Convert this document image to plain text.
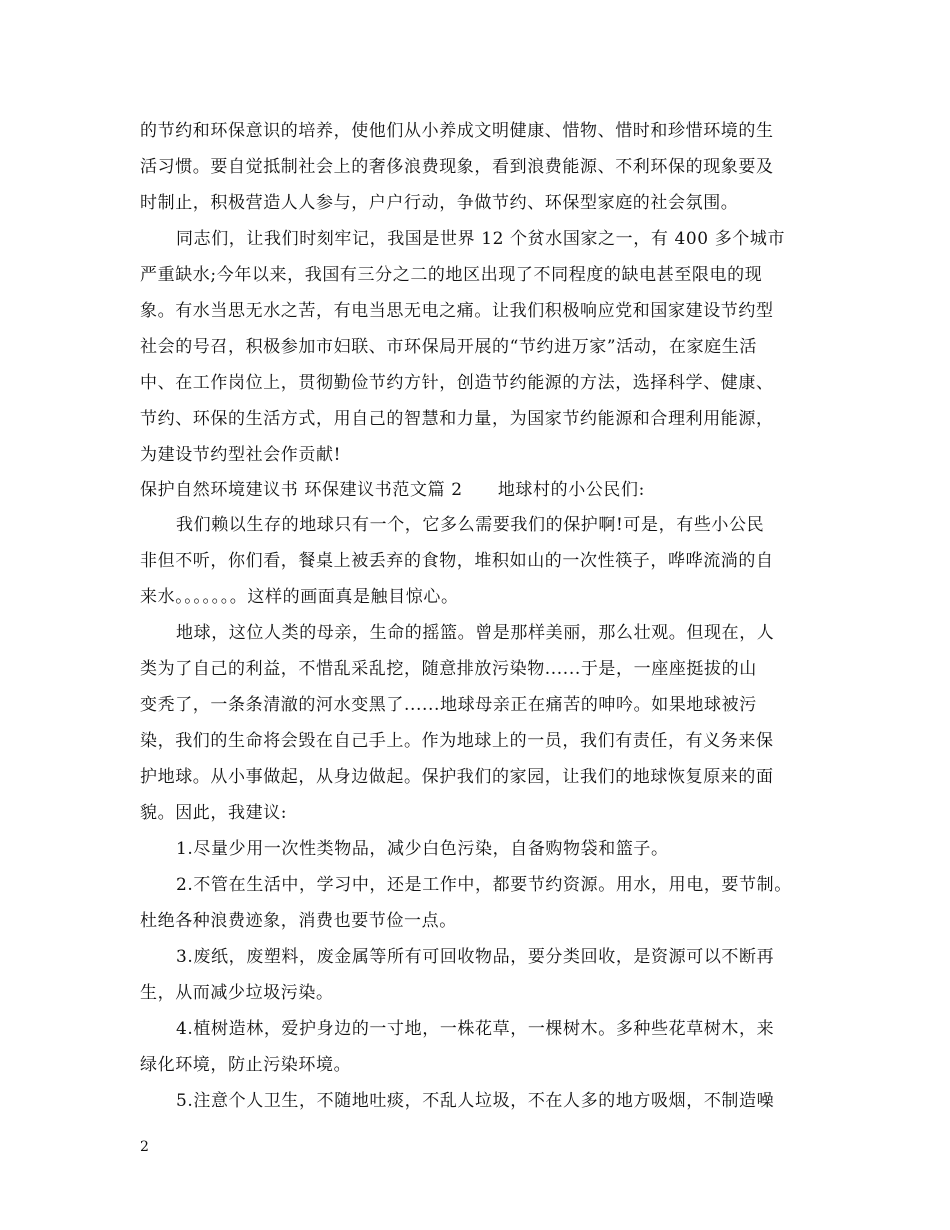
的节约和环保意识的培养，使他们从小养成文明健康、惜物、惜时和珍惜环境的生
活习惯。要自觉抵制社会上的奢侈浪费现象，看到浪费能源、不利环保的现象要及
时制止，积极营造人人参与，户户行动，争做节约、环保型家庭的社会氛围。
同志们，让我们时刻牢记，我国是世界 12 个贫水国家之一，有 400 多个城市
严重缺水;今年以来，我国有三分之二的地区出现了不同程度的缺电甚至限电的现
象。有水当思无水之苦，有电当思无电之痛。让我们积极响应党和国家建设节约型
社会的号召，积极参加市妇联、市环保局开展的“节约进万家”活动，在家庭生活
中、在工作岗位上，贯彻勤俭节约方针，创造节约能源的方法，选择科学、健康、
节约、环保的生活方式，用自己的智慧和力量，为国家节约能源和合理利用能源，
为建设节约型社会作贡献!
保护自然环境建议书 环保建议书范文篇 2　　地球村的小公民们:
我们赖以生存的地球只有一个，它多么需要我们的保护啊!可是，有些小公民
非但不听，你们看，餐桌上被丢弃的食物，堆积如山的一次性筷子，哗哗流淌的自
来水。。。。。。。这样的画面真是触目惊心。
地球，这位人类的母亲，生命的摇篮。曾是那样美丽，那么壮观。但现在，人
类为了自己的利益，不惜乱采乱挖，随意排放污染物......于是，一座座挺拔的山
变秃了，一条条清澈的河水变黑了......地球母亲正在痛苦的呻吟。如果地球被污
染，我们的生命将会毁在自己手上。作为地球上的一员，我们有责任，有义务来保
护地球。从小事做起，从身边做起。保护我们的家园，让我们的地球恢复原来的面
貌。因此，我建议:
1.尽量少用一次性类物品，减少白色污染，自备购物袋和篮子。
2.不管在生活中，学习中，还是工作中，都要节约资源。用水，用电，要节制。
杜绝各种浪费迹象，消费也要节俭一点。
3.废纸，废塑料，废金属等所有可回收物品，要分类回收，是资源可以不断再
生，从而减少垃圾污染。
4.植树造林，爱护身边的一寸地，一株花草，一棵树木。多种些花草树木，来
绿化环境，防止污染环境。
5.注意个人卫生，不随地吐痰，不乱人垃圾，不在人多的地方吸烟，不制造噪
2
